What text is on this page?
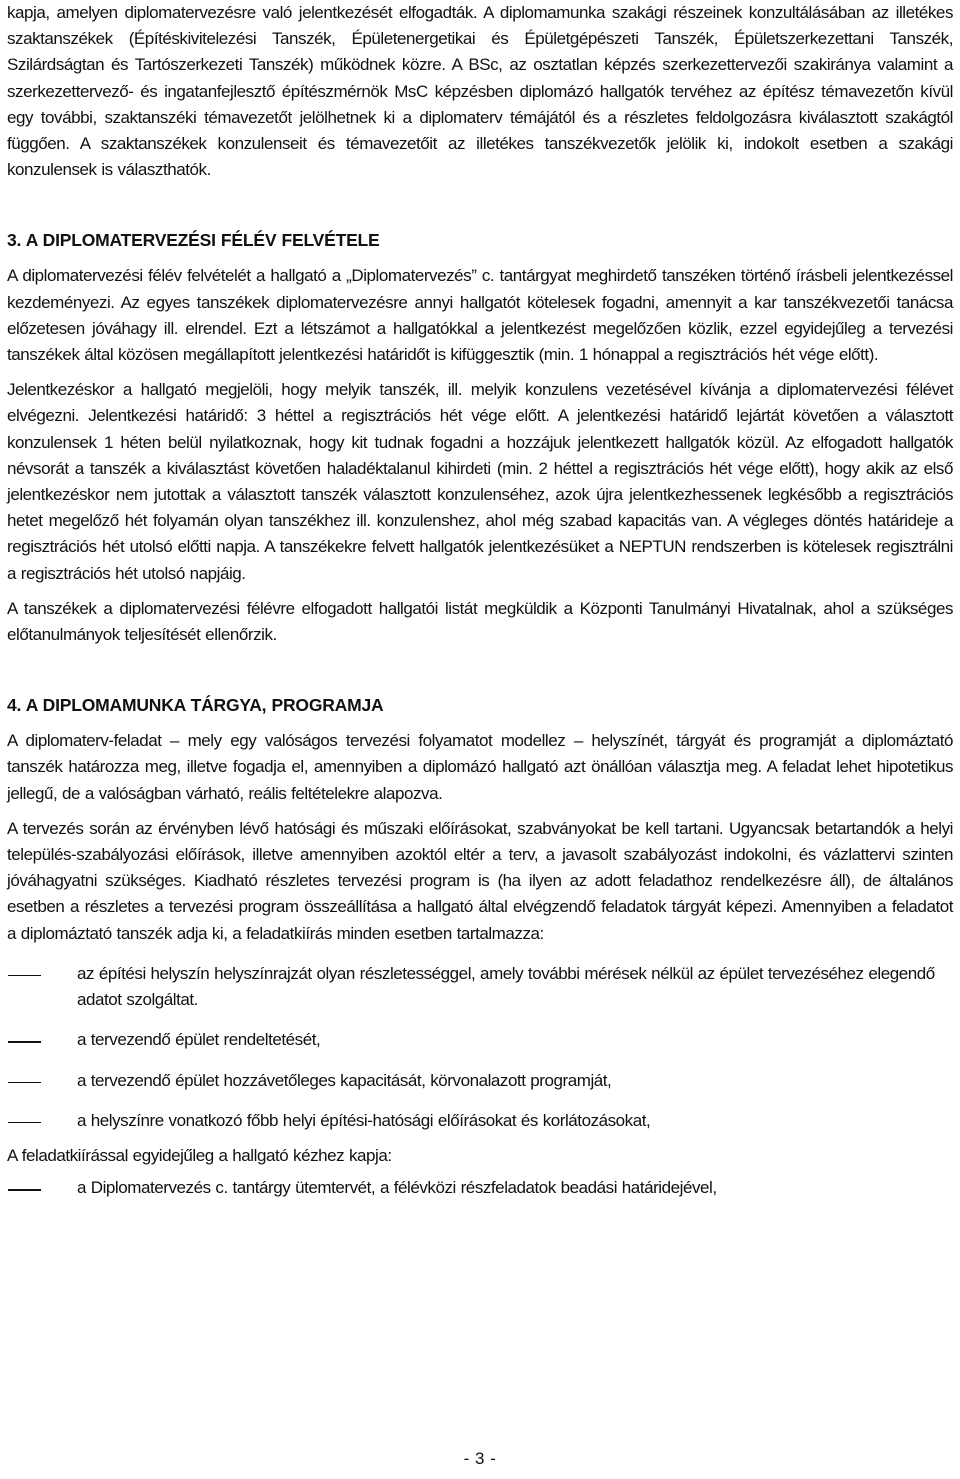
kapja, amelyen diplomatervezésre való jelentkezését elfogadták. A diplomamunka szakági részeinek konzultálásában az illetékes szaktanszékek (Építéskivitelezési Tanszék, Épületenergetikai és Épületgépészeti Tanszék, Épületszerkezettani Tanszék, Szilárdságtan és Tartószerkezeti Tanszék) működnek közre. A BSc, az osztatlan képzés szerkezettervezői szakiránya valamint a szerkezettervező- és ingatanfejlesztő építészmérnök MsC képzésben diplomázó hallgatók tervéhez az építész témavezetőn kívül egy további, szaktanszéki témavezetőt jelölhetnek ki a diplomaterv témájától és a részletes feldolgozásra kiválasztott szakágtól függően. A szaktanszékek konzulenseit és témavezetőit az illetékes tanszékvezetők jelölik ki, indokolt esetben a szakági konzulensek is választhatók.

3. A DIPLOMATERVEZÉSI FÉLÉV FELVÉTELE

A diplomatervezési félév felvételét a hallgató a „Diplomatervezés” c. tantárgyat meghirdető tanszéken történő írásbeli jelentkezéssel kezdeményezi. Az egyes tanszékek diplomatervezésre annyi hallgatót kötelesek fogadni, amennyit a kar tanszékvezetői tanácsa előzetesen jóváhagy ill. elrendel. Ezt a létszámot a hallgatókkal a jelentkezést megelőzően közlik, ezzel egyidejűleg a tervezési tanszékek által közösen megállapított jelentkezési határidőt is kifüggesztik (min. 1 hónappal a regisztrációs hét vége előtt).

Jelentkezéskor a hallgató megjelöli, hogy melyik tanszék, ill. melyik konzulens vezetésével kívánja a diplomatervezési félévet elvégezni. Jelentkezési határidő: 3 héttel a regisztrációs hét vége előtt. A jelentkezési határidő lejártát követően a választott konzulensek 1 héten belül nyilatkoznak, hogy kit tudnak fogadni a hozzájuk jelentkezett hallgatók közül. Az elfogadott hallgatók névsorát a tanszék a kiválasztást követően haladéktalanul kihirdeti (min. 2 héttel a regisztrációs hét vége előtt), hogy akik az első jelentkezéskor nem jutottak a választott tanszék választott konzulenséhez, azok újra jelentkezhessenek legkésőbb a regisztrációs hetet megelőző hét folyamán olyan tanszékhez ill. konzulenshez, ahol még szabad kapacitás van. A végleges döntés határideje a regisztrációs hét utolsó előtti napja. A tanszékekre felvett hallgatók jelentkezésüket a NEPTUN rendszerben is kötelesek regisztrálni a regisztrációs hét utolsó napjáig.

A tanszékek a diplomatervezési félévre elfogadott hallgatói listát megküldik a Központi Tanulmányi Hivatalnak, ahol a szükséges előtanulmányok teljesítését ellenőrzik.

4. A DIPLOMAMUNKA TÁRGYA, PROGRAMJA

A diplomaterv-feladat – mely egy valóságos tervezési folyamatot modellez – helyszínét, tárgyát és programját a diplomáztató tanszék határozza meg, illetve fogadja el, amennyiben a diplomázó hallgató azt önállóan választja meg. A feladat lehet hipotetikus jellegű, de a valóságban várható, reális feltételekre alapozva.

A tervezés során az érvényben lévő hatósági és műszaki előírásokat, szabványokat be kell tartani. Ugyancsak betartandók a helyi település-szabályozási előírások, illetve amennyiben azoktól eltér a terv, a javasolt szabályozást indokolni, és vázlattervi szinten jóváhagyatni szükséges. Kiadható részletes tervezési program is (ha ilyen az adott feladathoz rendelkezésre áll), de általános esetben a részletes a tervezési program összeállítása a hallgató által elvégzendő feladatok tárgyát képezi. Amennyiben a feladatot a diplomáztató tanszék adja ki, a feladatkiírás minden esetben tartalmazza:

az építési helyszín helyszínrajzát olyan részletességgel, amely további mérések nélkül az épület tervezéséhez elegendő adatot szolgáltat.
a tervezendő épület rendeltetését,
a tervezendő épület hozzávetőleges kapacitását, körvonalazott programját,
a helyszínre vonatkozó főbb helyi építési-hatósági előírásokat és korlátozásokat,

A feladatkiírással egyidejűleg a hallgató kézhez kapja:

a Diplomatervezés c. tantárgy ütemtervét, a félévközi részfeladatok beadási határidejével,
- 3 -
